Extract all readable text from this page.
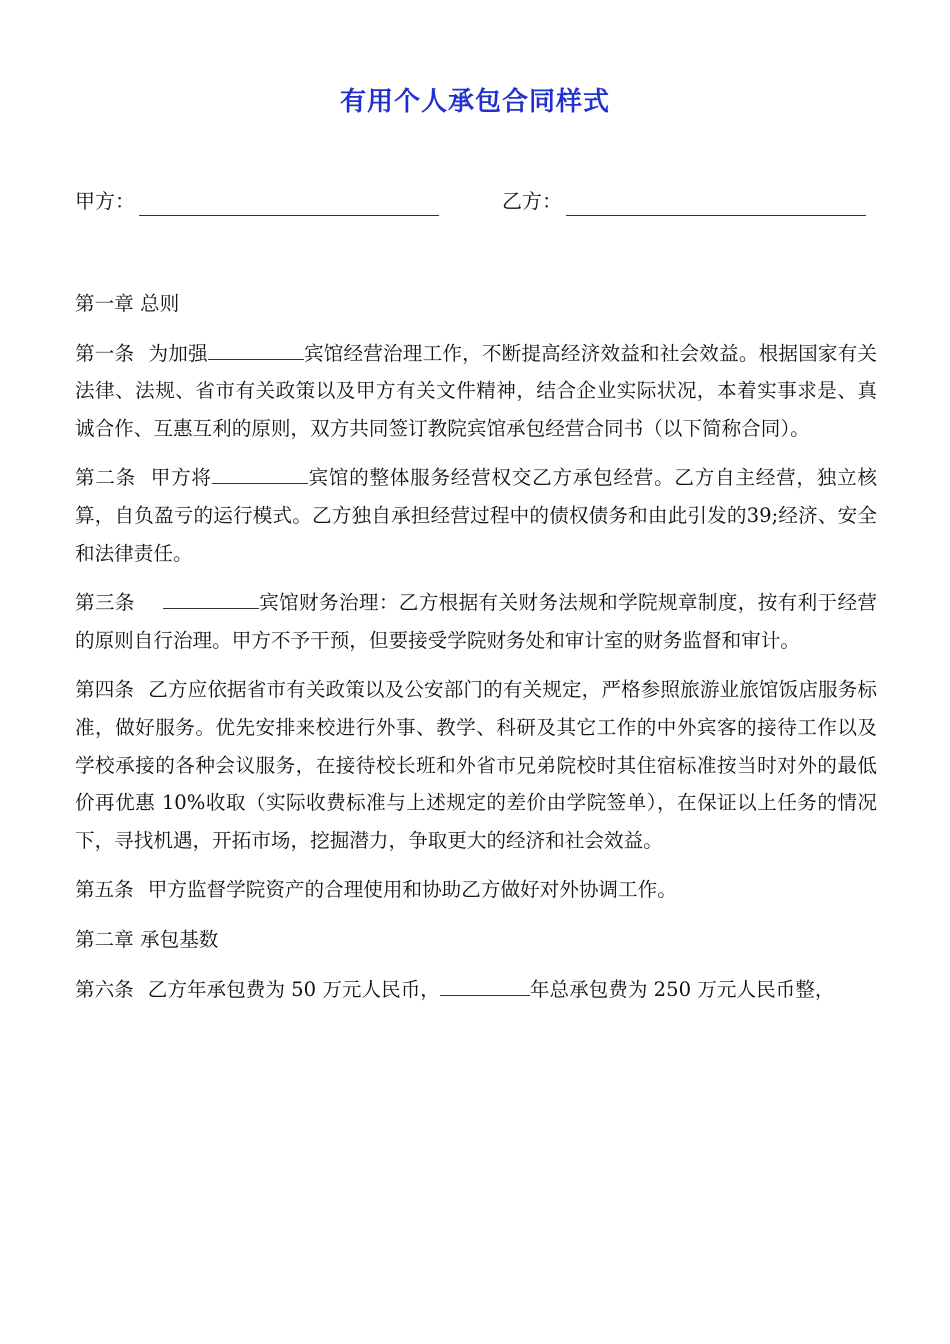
有用个人承包合同样式
甲方：	乙方：

第一章 总则

第一条 为加强	宾馆经营治理工作，不断提高经济效益和社会效益。根据国家有关法律、法规、省市有关政策以及甲方有关文件精神，结合企业实际状况，本着实事求是、真诚合作、互惠互利的原则，双方共同签订教院宾馆承包经营合同书（以下简称合同）。

第二条 甲方将	宾馆的整体服务经营权交乙方承包经营。乙方自主经营，独立核算，自负盈亏的运行模式。乙方独自承担经营过程中的债权债务和由此引发的39;经济、安全和法律责任。

第三条	宾馆财务治理：乙方根据有关财务法规和学院规章制度，按有利于经营的原则自行治理。甲方不予干预，但要接受学院财务处和审计室的财务监督和审计。

第四条 乙方应依据省市有关政策以及公安部门的有关规定，严格参照旅游业旅馆饭店服务标准，做好服务。优先安排来校进行外事、教学、科研及其它工作的中外宾客的接待工作以及学校承接的各种会议服务，在接待校长班和外省市兄弟院校时其住宿标准按当时对外的最低价再优惠 10%收取（实际收费标准与上述规定的差价由学院签单），在保证以上任务的情况下，寻找机遇，开拓市场，挖掘潜力，争取更大的经济和社会效益。

第五条 甲方监督学院资产的合理使用和协助乙方做好对外协调工作。

第二章 承包基数

第六条 乙方年承包费为 50 万元人民币，	年总承包费为 250 万元人民币整，
